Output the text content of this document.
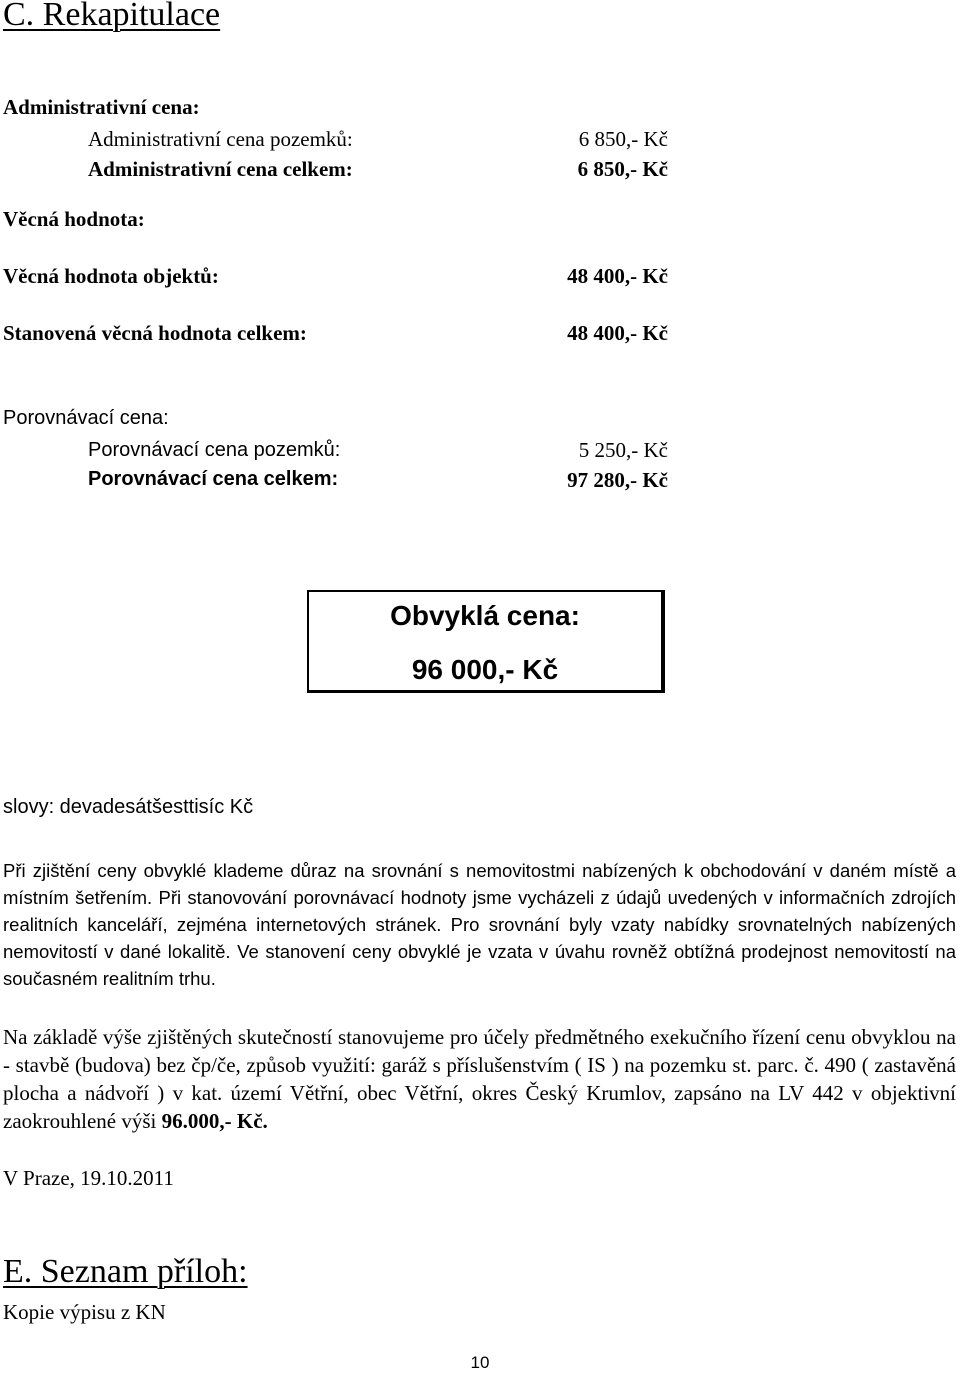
C. Rekapitulace
Administrativní cena:
Administrativní cena pozemků:	6 850,- Kč
Administrativní cena celkem:	6 850,- Kč
Věcná hodnota:
Věcná hodnota objektů:	48 400,- Kč
Stanovená věcná hodnota celkem:	48 400,- Kč
Porovnávací cena:
Porovnávací cena pozemků:	5 250,- Kč
Porovnávací cena celkem:	97 280,- Kč
Obvyklá cena:
96 000,- Kč
slovy: devadesátšesttisíc Kč
Při zjištění ceny obvyklé klademe důraz na srovnání s nemovitostmi nabízených k obchodování v daném místě a místním šetřením. Při stanovování porovnávací hodnoty jsme vycházeli z údajů uvedených v informačních zdrojích realitních kanceláří, zejména internetových stránek. Pro srovnání byly vzaty nabídky srovnatelných nabízených nemovitostí v dané lokalitě. Ve stanovení ceny obvyklé je vzata v úvahu rovněž obtížná prodejnost nemovitostí na současném realitním trhu.
Na základě výše zjištěných skutečností stanovujeme pro účely předmětného exekučního řízení cenu obvyklou na - stavbě (budova) bez čp/če, způsob využití: garáž s příslušenstvím ( IS ) na pozemku st. parc. č. 490 ( zastavěná plocha a nádvoří ) v kat. území Větřní, obec Větřní, okres Český Krumlov, zapsáno na LV 442 v objektivní zaokrouhlené výši 96.000,- Kč.
V Praze, 19.10.2011
E. Seznam příloh:
Kopie výpisu z KN
10
